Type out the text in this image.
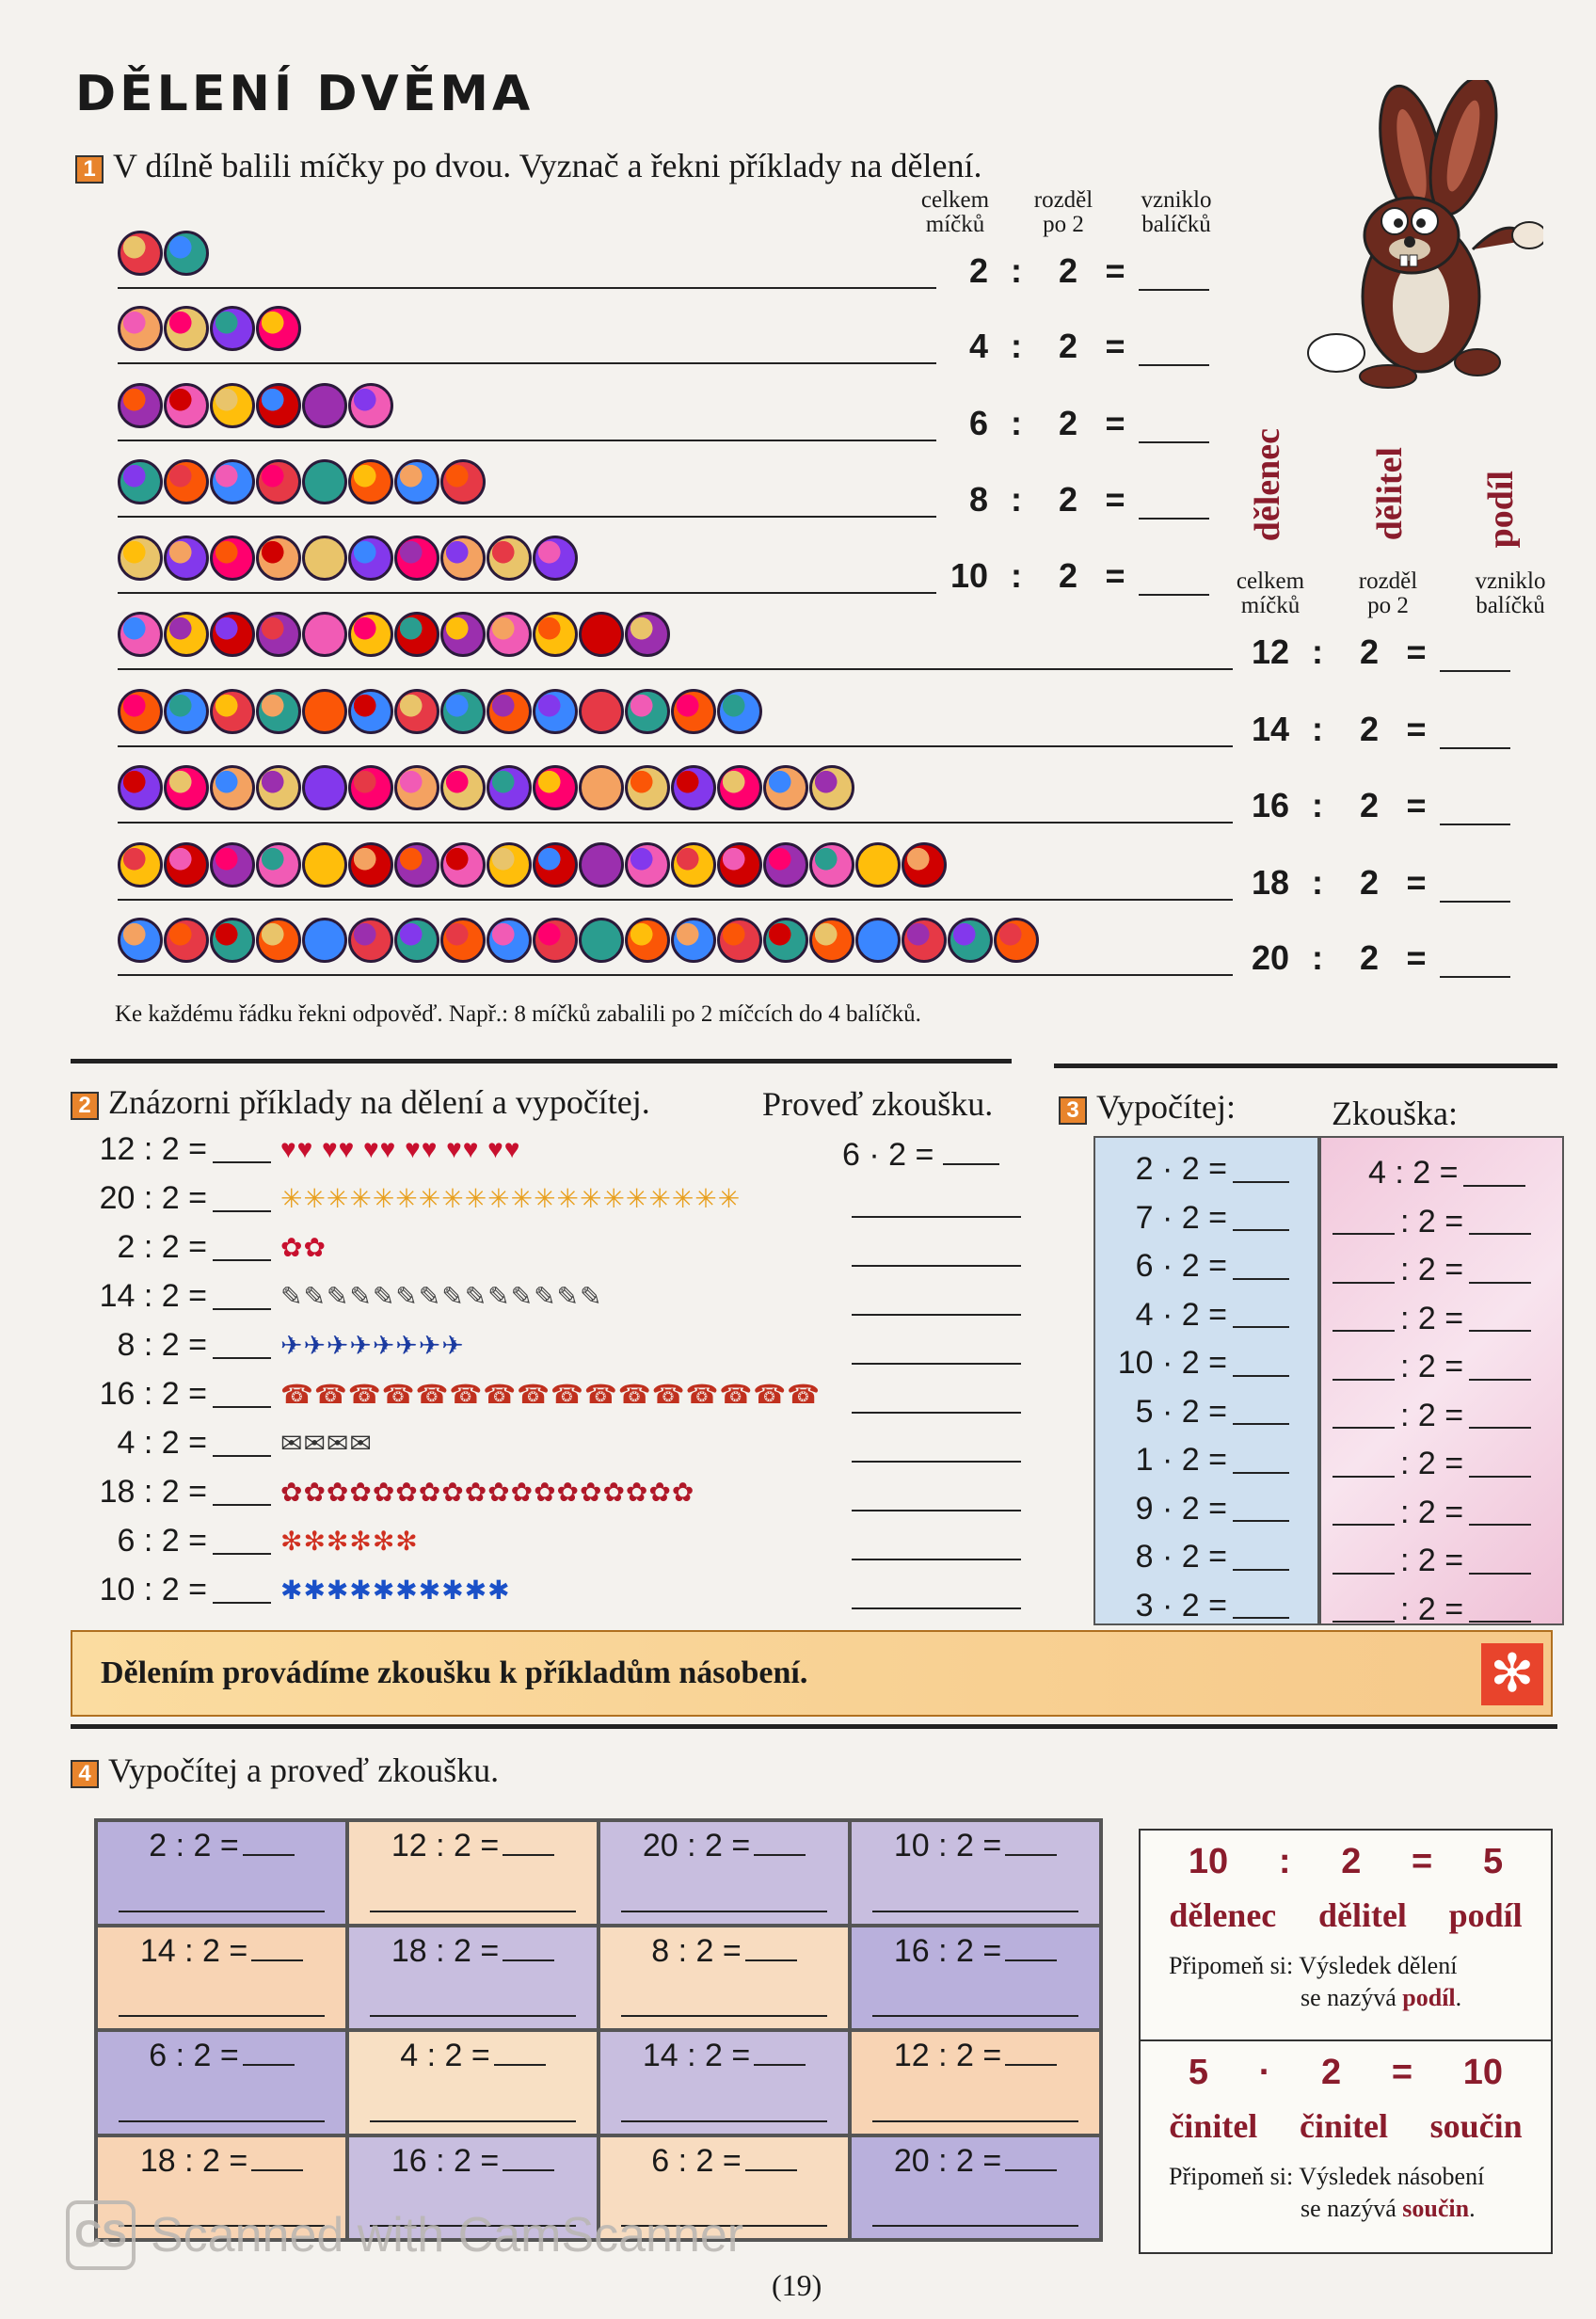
DĚLENÍ DVĚMA
1 V dílně balili míčky po dvou. Vyznač a řekni příklady na dělení.
celkem míčků
rozděl po 2
vzniklo balíčků
celkem míčků
rozděl po 2
vzniklo balíčků
dělenec dělitel podíl
2 :	2 =
4 :	2 =
6 :	2 =
8 :	2 =
10 :	2 =
12 :	2 =
14 :	2 =
16 :	2 =
18 :	2 =
20 :	2 =
Ke každému řádku řekni odpověď. Např.: 8 míčků zabalili po 2 míčcích do 4 balíčků.
2 Znázorni příklady na dělení a vypočítej.	Proveď zkoušku.
6 · 2 =
12 : 2 =	♥♥ ♥♥ ♥♥ ♥♥ ♥♥ ♥♥
20 : 2 =	✳✳✳✳✳✳✳✳✳✳✳✳✳✳✳✳✳✳✳✳
2 : 2 =	✿✿
14 : 2 =	✎✎✎✎✎✎✎✎✎✎✎✎✎✎
8 : 2 =	✈✈✈✈✈✈✈✈
16 : 2 =	☎☎☎☎☎☎☎☎☎☎☎☎☎☎☎☎
4 : 2 =	✉✉✉✉
18 : 2 =	✿✿✿✿✿✿✿✿✿✿✿✿✿✿✿✿✿✿
6 : 2 =	✻✻✻✻✻✻
10 : 2 =	✱✱✱✱✱✱✱✱✱✱
3 Vypočítej:	Zkouška:
2 · 2 =
7 · 2 =
6 · 2 =
4 · 2 =
10 · 2 =
5 · 2 =
1 · 2 =
9 · 2 =
8 · 2 =
3 · 2 =
4 : 2 =
: 2 =
: 2 =
: 2 =
: 2 =
: 2 =
: 2 =
: 2 =
: 2 =
: 2 =
Dělením provádíme zkoušku k příkladům násobení.	✻
4 Vypočítej a proveď zkoušku.
2 : 2 =	12 : 2 =	20 : 2 =	10 : 2 =
14 : 2 =	18 : 2 =	8 : 2 =	16 : 2 =
6 : 2 =	4 : 2 =	14 : 2 =	12 : 2 =
18 : 2 =	16 : 2 =	6 : 2 =	20 : 2 =
10 : 2 = 5
dělenec dělitel podíl
Připomeň si: Výsledek dělení
se nazývá podíl.
5 · 2 = 10
činitel činitel součin
Připomeň si: Výsledek násobení
se nazývá součin.
CS Scanned with CamScanner
(19)
